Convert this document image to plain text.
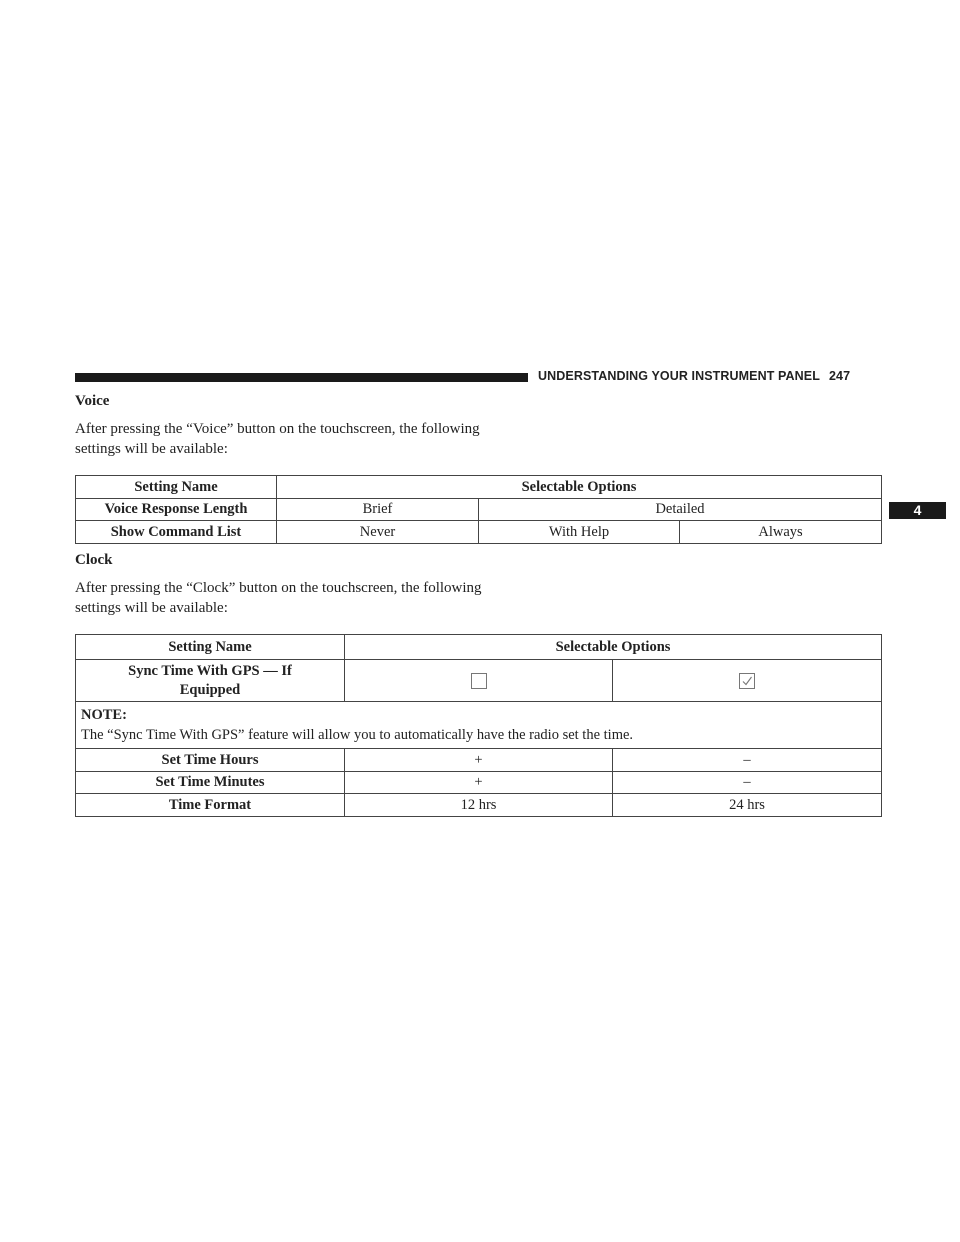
UNDERSTANDING YOUR INSTRUMENT PANEL 247
4
Voice
After pressing the “Voice” button on the touchscreen, the following settings will be available:
Setting Name	Selectable Options		
Voice Response Length	Brief	Detailed	
Show Command List	Never	With Help	Always
Clock
After pressing the “Clock” button on the touchscreen, the following settings will be available:
Setting Name	Selectable Options	
Sync Time With GPS — If Equipped		

NOTE:
The “Sync Time With GPS” feature will allow you to automatically have the radio set the time.		

Set Time Hours	+	–
Set Time Minutes	+	–
Time Format	12 hrs	24 hrs
